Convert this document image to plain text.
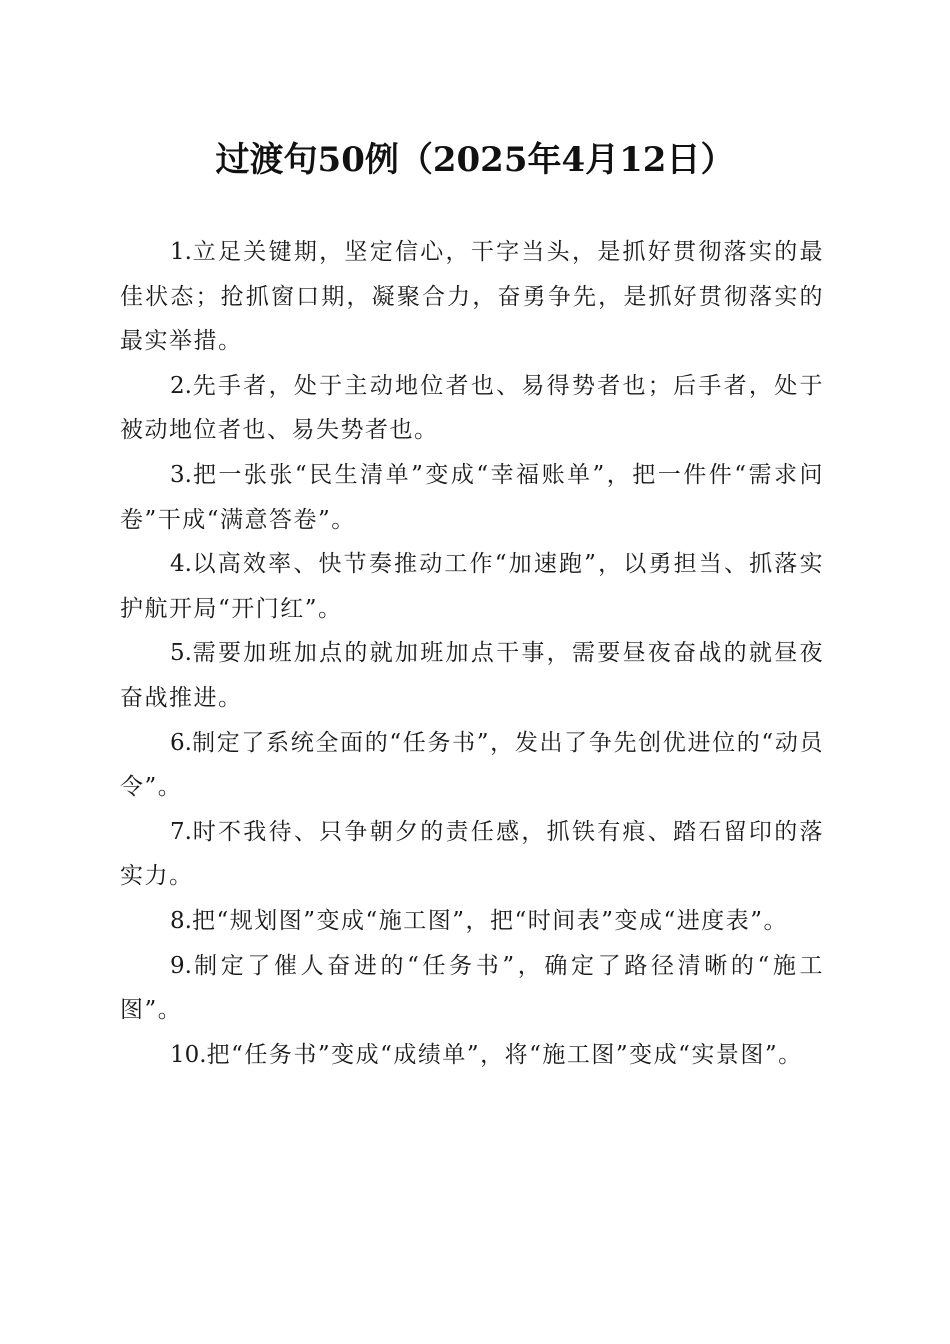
过渡句50例（2025年4月12日）

1.立足关键期，坚定信心，干字当头，是抓好贯彻落实的最佳状态；抢抓窗口期，凝聚合力，奋勇争先，是抓好贯彻落实的最实举措。

2.先手者，处于主动地位者也、易得势者也；后手者，处于被动地位者也、易失势者也。

3.把一张张“民生清单”变成“幸福账单”，把一件件“需求问卷”干成“满意答卷”。

4.以高效率、快节奏推动工作“加速跑”，以勇担当、抓落实护航开局“开门红”。

5.需要加班加点的就加班加点干事，需要昼夜奋战的就昼夜奋战推进。

6.制定了系统全面的“任务书”，发出了争先创优进位的“动员令”。

7.时不我待、只争朝夕的责任感，抓铁有痕、踏石留印的落实力。

8.把“规划图”变成“施工图”，把“时间表”变成“进度表”。

9.制定了催人奋进的“任务书”，确定了路径清晰的“施工图”。

10.把“任务书”变成“成绩单”，将“施工图”变成“实景图”。
